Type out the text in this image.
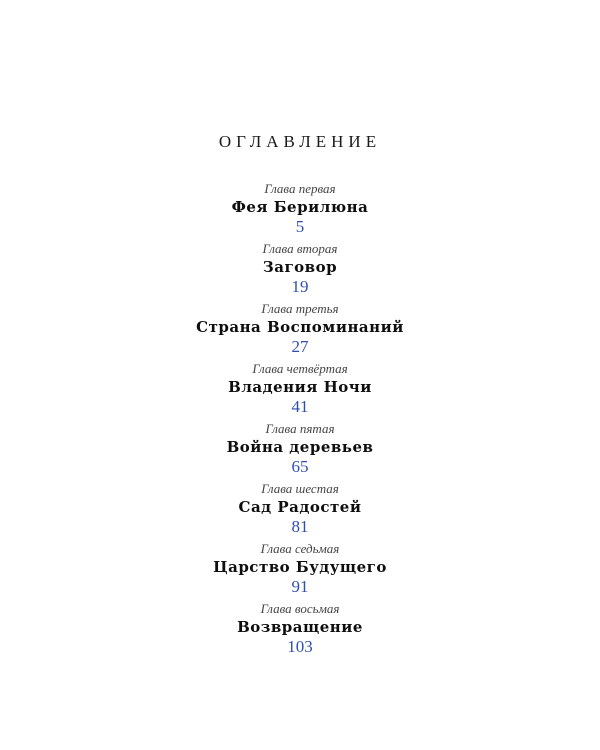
ОГЛАВЛЕНИЕ
Глава первая
Фея Берилюна
5
Глава вторая
Заговор
19
Глава третья
Страна Воспоминаний
27
Глава четвёртая
Владения Ночи
41
Глава пятая
Война деревьев
65
Глава шестая
Сад Радостей
81
Глава седьмая
Царство Будущего
91
Глава восьмая
Возвращение
103
